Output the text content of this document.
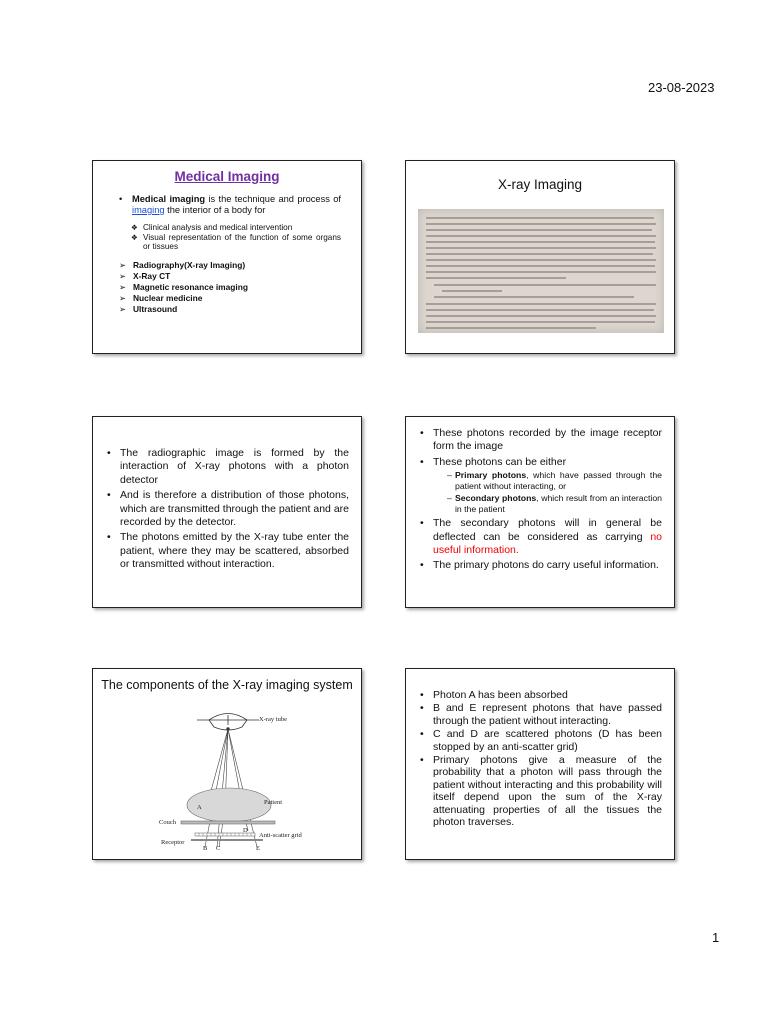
23-08-2023
Medical Imaging
• Medical imaging is the technique and process of imaging the interior of a body for
❖ Clinical analysis and medical intervention
❖ Visual representation of the function of some organs or tissues
➢ Radiography(X-ray Imaging)
➢ X-Ray CT
➢ Magnetic resonance imaging
➢ Nuclear medicine
➢ Ultrasound
X-ray Imaging
• The radiographic image is formed by the interaction of X-ray photons with a photon detector
• And is therefore a distribution of those photons, which are transmitted through the patient and are recorded by the detector.
• The photons emitted by the X-ray tube enter the patient, where they may be scattered, absorbed or transmitted without interaction.
• These photons recorded by the image receptor form the image
• These photons can be either
– Primary photons, which have passed through the patient without interacting, or
– Secondary photons, which result from an interaction in the patient
• The secondary photons will in general be deflected can be considered as carrying no useful information.
• The primary photons do carry useful information.
The components of the X-ray imaging system
X-ray tube
Patient
A
Couch
D
Anti-scatter grid
Receptor
B C	E
• Photon A has been absorbed
• B and E represent photons that have passed through the patient without interacting.
• C and D are scattered photons (D has been stopped by an anti-scatter grid)
• Primary photons give a measure of the probability that a photon will pass through the patient without interacting and this probability will itself depend upon the sum of the X-ray attenuating properties of all the tissues the photon traverses.
1
